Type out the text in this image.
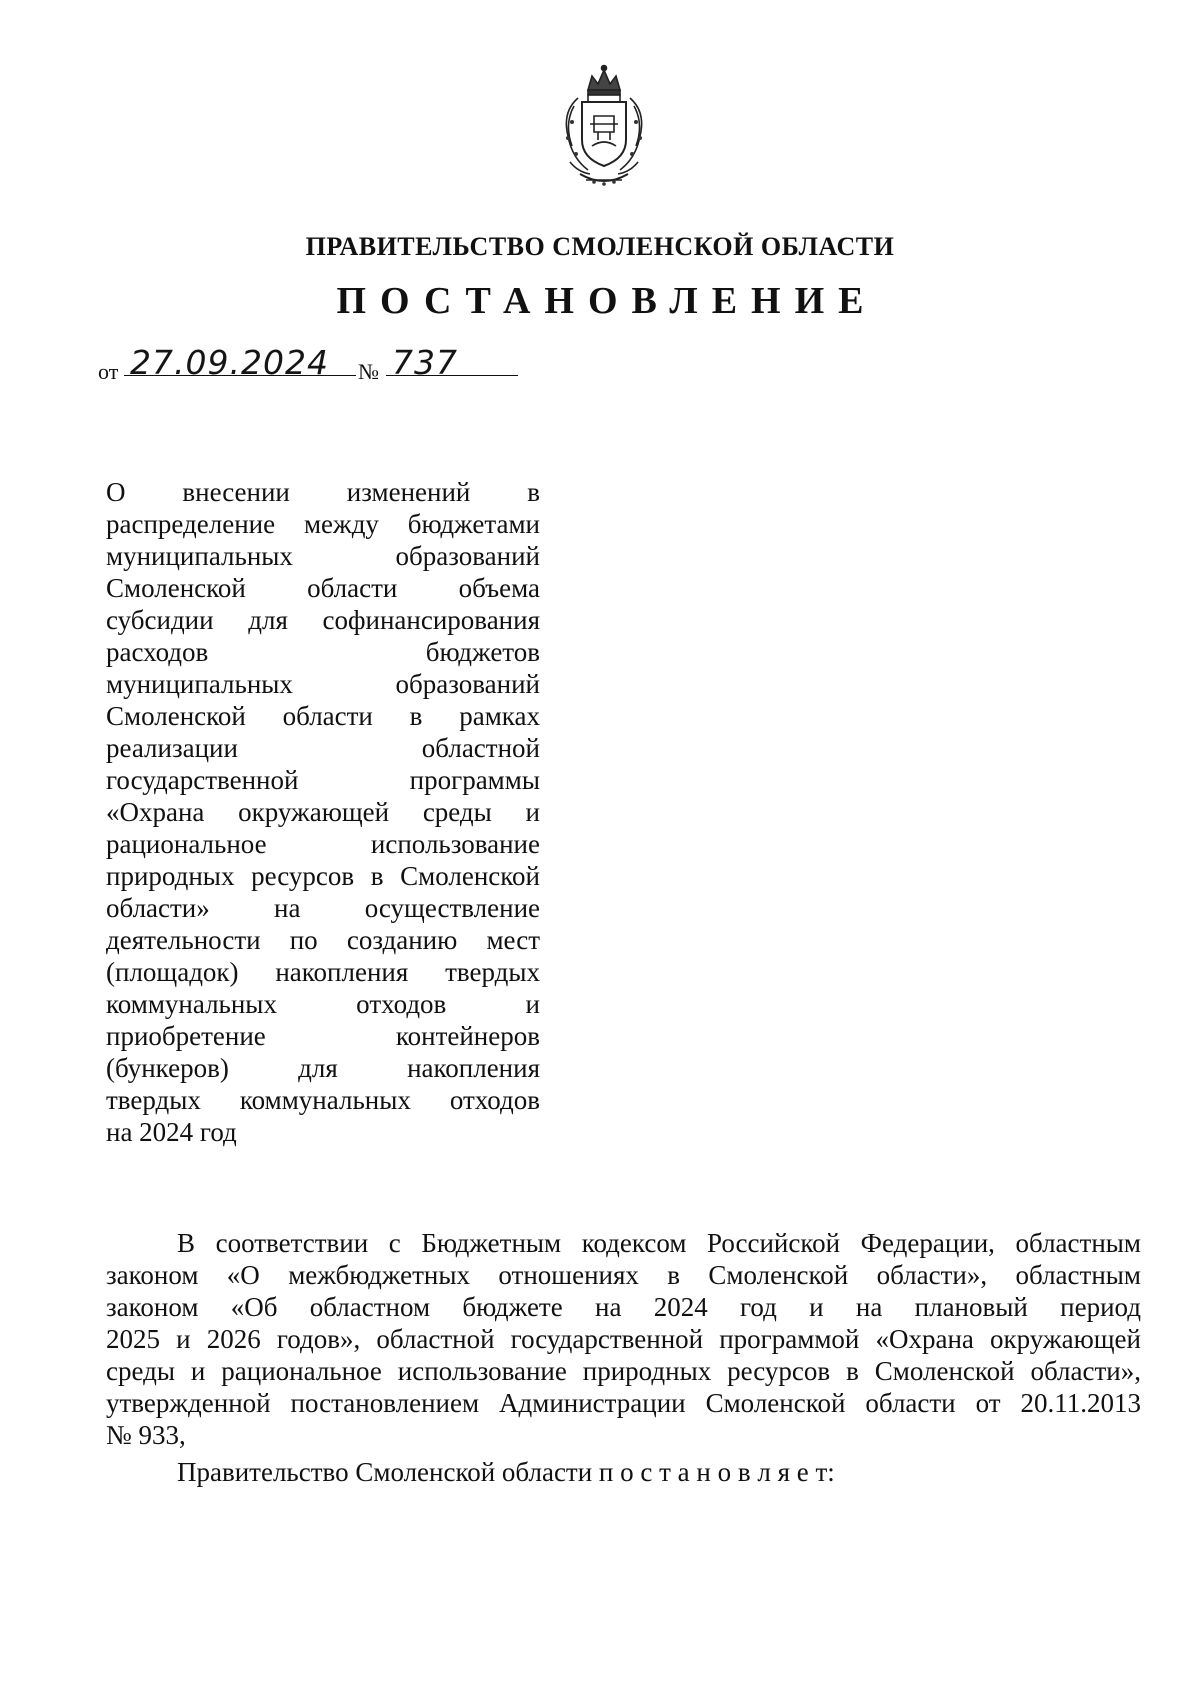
ПРАВИТЕЛЬСТВО СМОЛЕНСКОЙ ОБЛАСТИ
ПОСТАНОВЛЕНИЕ
от 27.09.2024 № 737
О внесении изменений в
распределение между бюджетами
муниципальных образований
Смоленской области объема
субсидии для софинансирования
расходов бюджетов
муниципальных образований
Смоленской области в рамках
реализации областной
государственной программы
«Охрана окружающей среды и
рациональное использование
природных ресурсов в Смоленской
области» на осуществление
деятельности по созданию мест
(площадок) накопления твердых
коммунальных отходов и
приобретение контейнеров
(бункеров) для накопления
твердых коммунальных отходов
на 2024 год
В соответствии с Бюджетным кодексом Российской Федерации, областным
законом «О межбюджетных отношениях в Смоленской области», областным
законом «Об областном бюджете на 2024 год и на плановый период
2025 и 2026 годов», областной государственной программой «Охрана окружающей
среды и рациональное использование природных ресурсов в Смоленской области»,
утвержденной постановлением Администрации Смоленской области от 20.11.2013
№ 933,
Правительство Смоленской области п о с т а н о в л я е т:
